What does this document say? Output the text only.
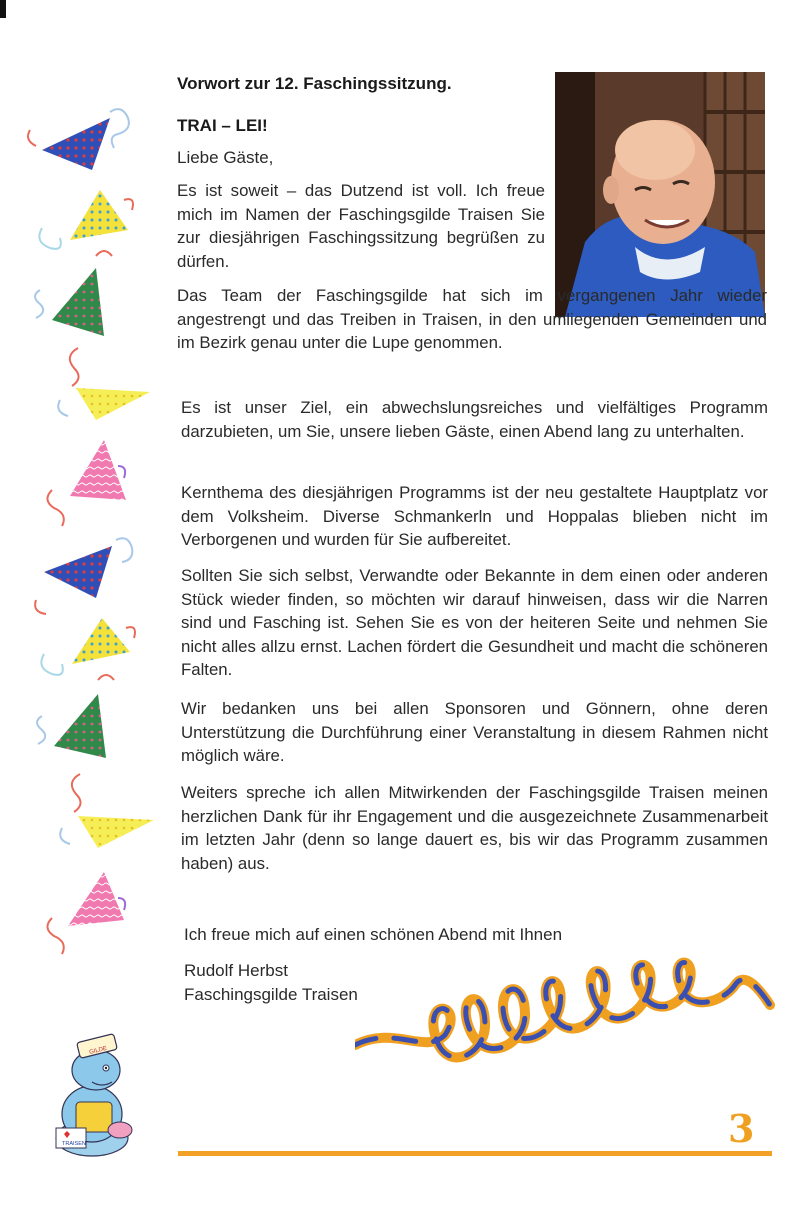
GILDE
TRAISEN

Vorwort zur 12. Faschingssitzung.

TRAI – LEI!

Liebe Gäste,

Es ist soweit – das Dutzend ist voll. Ich freue mich im Namen der Faschingsgilde Traisen Sie zur diesjährigen Faschingssitzung begrüßen zu dürfen.

Das Team der Faschingsgilde hat sich im vergangenen Jahr wieder angestrengt und das Treiben in Traisen, in den umliegenden Gemeinden und im Bezirk genau unter die Lupe genommen.

Es ist unser Ziel, ein abwechslungsreiches und vielfältiges Programm darzubieten, um Sie, unsere lieben Gäste, einen Abend lang zu unterhalten.

Kernthema des diesjährigen Programms ist der neu gestaltete Hauptplatz vor dem Volksheim. Diverse Schmankerln und Hoppalas blieben nicht im Verborgenen und wurden für Sie aufbereitet.

Sollten Sie sich selbst, Verwandte oder Bekannte in dem einen oder anderen Stück wieder finden, so möchten wir darauf hinweisen, dass wir die Narren sind und Fasching ist. Sehen Sie es von der heiteren Seite und nehmen Sie nicht alles allzu ernst. Lachen fördert die Gesundheit und macht die schöneren Falten.

Wir bedanken uns bei allen Sponsoren und Gönnern, ohne deren Unterstützung die Durchführung einer Veranstaltung in diesem Rahmen nicht möglich wäre.

Weiters spreche ich allen Mitwirkenden der Faschingsgilde Traisen meinen herzlichen Dank für ihr Engagement und die ausgezeichnete Zusammenarbeit im letzten Jahr (denn so lange dauert es, bis wir das Programm zusammen haben) aus.

Ich freue mich auf einen schönen Abend mit Ihnen

Rudolf Herbst

Faschingsgilde Traisen

3
